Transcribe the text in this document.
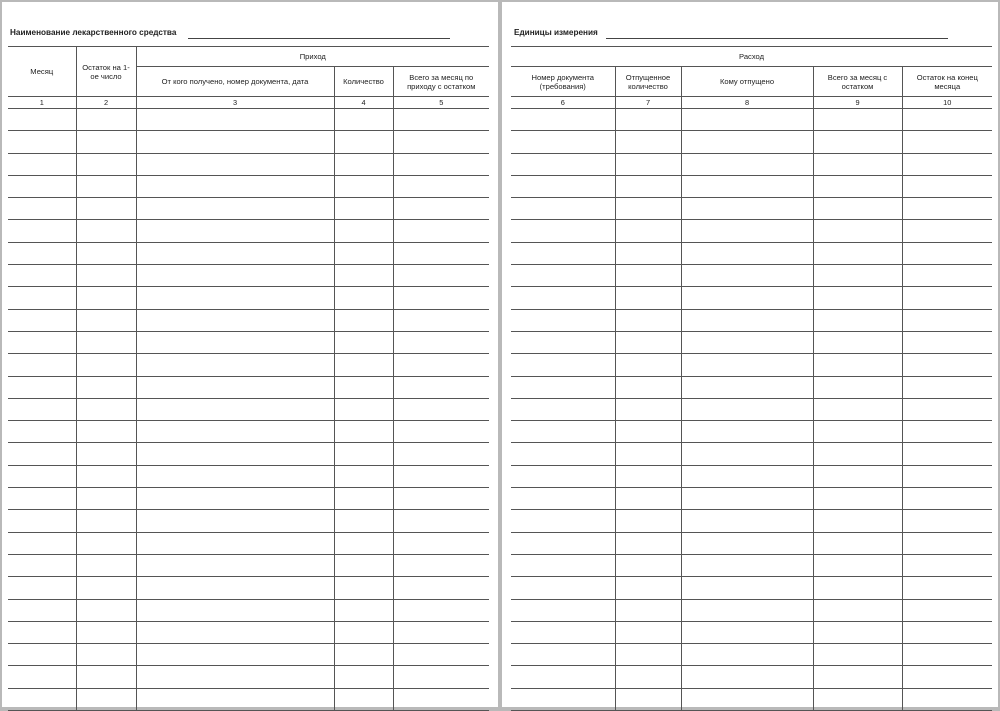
Наименование лекарственного средства
Месяц	Остаток на 1-ое число	Приход		
		От кого получено, номер документа, дата	Количество	Всего за месяц по приходу с остатком
1	2	3	4	5

Единицы измерения
Расход				
Номер документа (требования)	Отпущенное количество	Кому отпущено	Всего за месяц с остатком	Остаток на конец месяца
6	7	8	9	10
